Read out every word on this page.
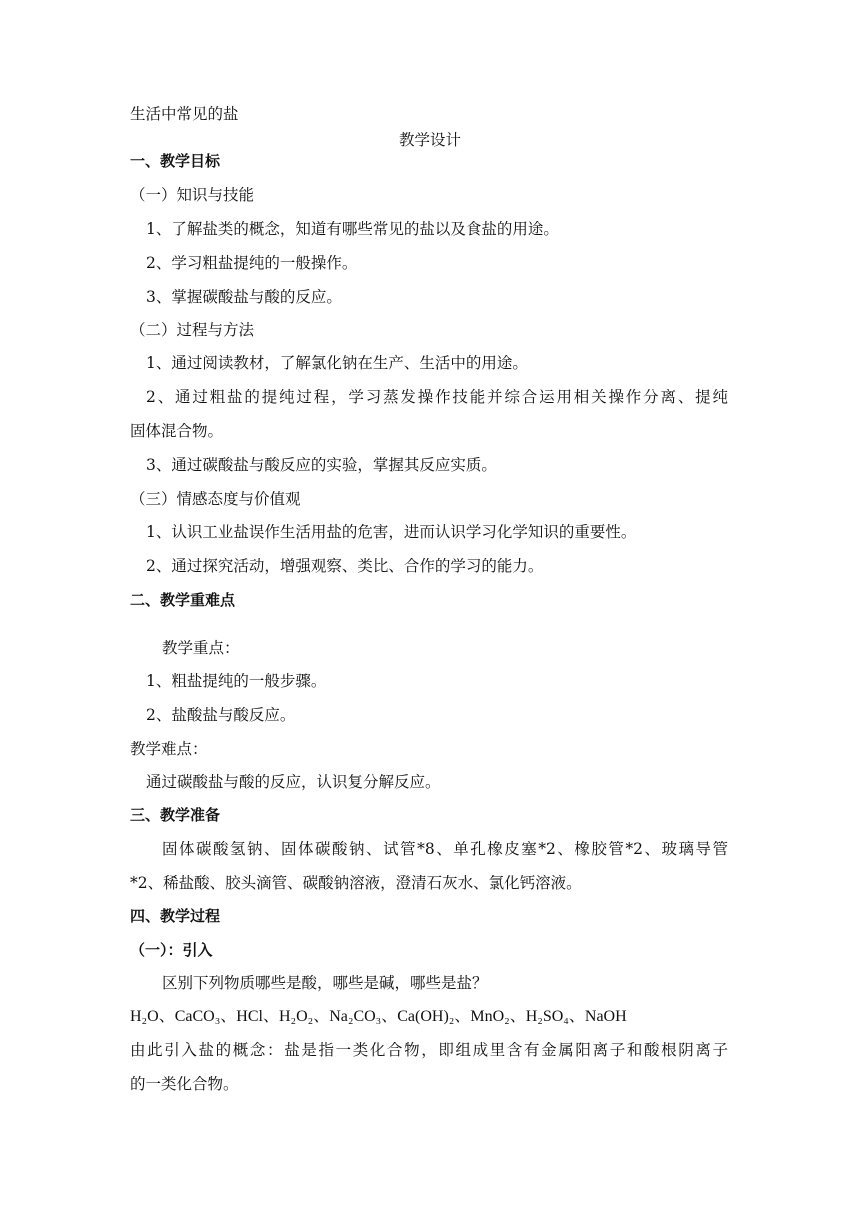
生活中常见的盐
教学设计
一、教学目标
（一）知识与技能
1、了解盐类的概念，知道有哪些常见的盐以及食盐的用途。
2、学习粗盐提纯的一般操作。
3、掌握碳酸盐与酸的反应。
（二）过程与方法
1、通过阅读教材，了解氯化钠在生产、生活中的用途。
2、通过粗盐的提纯过程，学习蒸发操作技能并综合运用相关操作分离、提纯
固体混合物。
3、通过碳酸盐与酸反应的实验，掌握其反应实质。
（三）情感态度与价值观
1、认识工业盐误作生活用盐的危害，进而认识学习化学知识的重要性。
2、通过探究活动，增强观察、类比、合作的学习的能力。
二、教学重难点
教学重点：
1、粗盐提纯的一般步骤。
2、盐酸盐与酸反应。
教学难点：
通过碳酸盐与酸的反应，认识复分解反应。
三、教学准备
固体碳酸氢钠、固体碳酸钠、试管*8、单孔橡皮塞*2、橡胶管*2、玻璃导管
*2、稀盐酸、胶头滴管、碳酸钠溶液，澄清石灰水、氯化钙溶液。
四、教学过程
（一）：引入
区别下列物质哪些是酸，哪些是碱，哪些是盐？
H₂O、CaCO₃、HCl、H₂O₂、Na₂CO₃、Ca(OH)₂、MnO₂、H₂SO₄、NaOH
由此引入盐的概念：盐是指一类化合物，即组成里含有金属阳离子和酸根阴离子
的一类化合物。
